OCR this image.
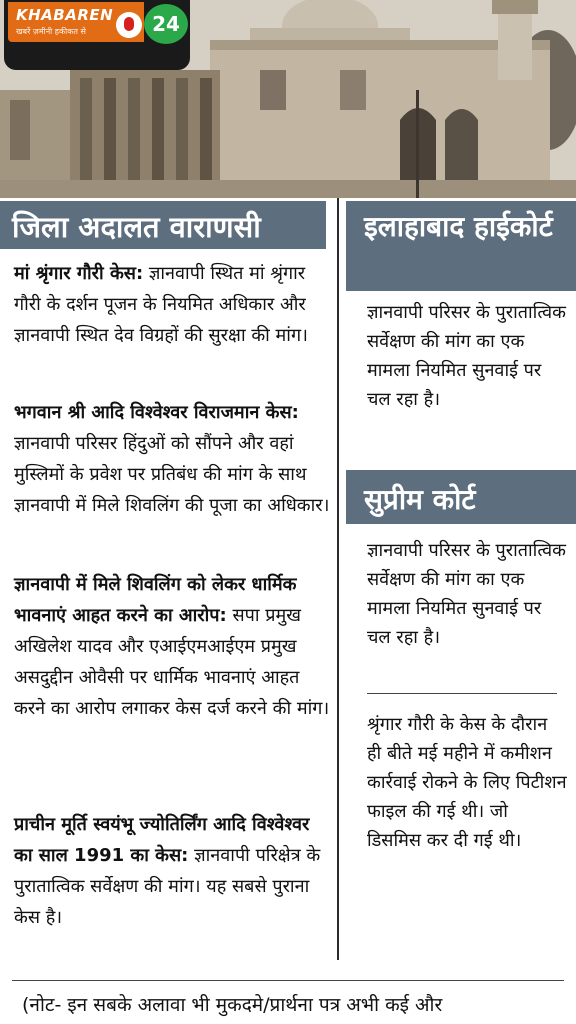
KHABAREN
खबरें ज़मीनी हकीकत से	24
जिला अदालत वाराणसी	इलाहाबाद हाईकोर्ट
सुप्रीम कोर्ट

मां श्रृंगार गौरी केस: ज्ञानवापी स्थित मां श्रृंगार गौरी के दर्शन पूजन के नियमित अधिकार और ज्ञानवापी स्थित देव विग्रहों की सुरक्षा की मांग।

भगवान श्री आदि विश्वेश्वर विराजमान केस: ज्ञानवापी परिसर हिंदुओं को सौंपने और वहां मुस्लिमों के प्रवेश पर प्रतिबंध की मांग के साथ ज्ञानवापी में मिले शिवलिंग की पूजा का अधिकार।

ज्ञानवापी में मिले शिवलिंग को लेकर धार्मिक भावनाएं आहत करने का आरोप: सपा प्रमुख अखिलेश यादव और एआईएमआईएम प्रमुख असदुद्दीन ओवैसी पर धार्मिक भावनाएं आहत करने का आरोप लगाकर केस दर्ज करने की मांग।

प्राचीन मूर्ति स्वयंभू ज्योतिर्लिंग आदि विश्वेश्वर का साल 1991 का केस: ज्ञानवापी परिक्षेत्र के पुरातात्विक सर्वेक्षण की मांग। यह सबसे पुराना केस है।

ज्ञानवापी परिसर के पुरातात्विक सर्वेक्षण की मांग का एक मामला नियमित सुनवाई पर चल रहा है।

ज्ञानवापी परिसर के पुरातात्विक सर्वेक्षण की मांग का एक मामला नियमित सुनवाई पर चल रहा है।

श्रृंगार गौरी के केस के दौरान ही बीते मई महीने में कमीशन कार्रवाई रोकने के लिए पिटीशन फाइल की गई थी। जो डिसमिस कर दी गई थी।

(नोट- इन सबके अलावा भी मुकदमे/प्रार्थना पत्र अभी कई और
